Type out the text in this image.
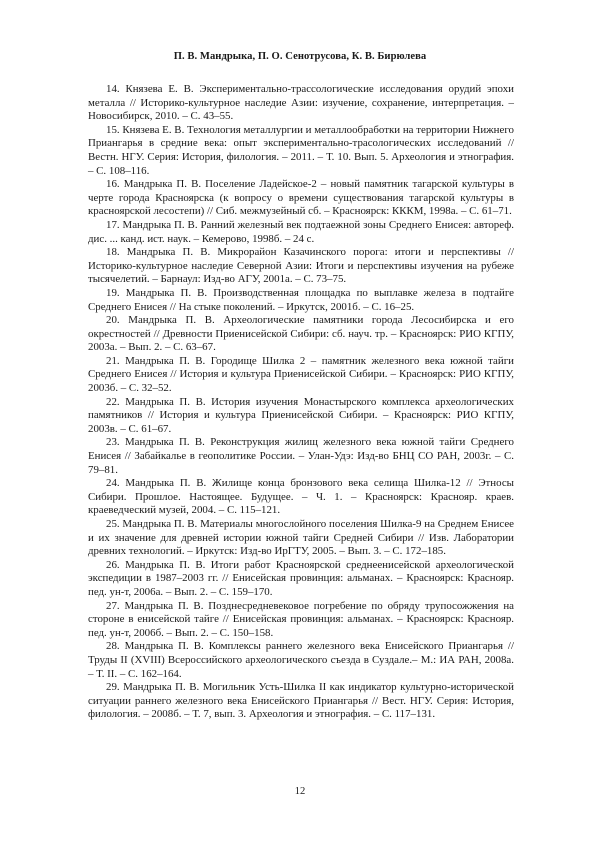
П. В. Мандрыка, П. О. Сенотрусова, К. В. Бирюлева

14. Князева Е. В. Экспериментально-трассологические исследования орудий эпохи металла // Историко-культурное наследие Азии: изучение, сохранение, интерпретация. – Новосибирск, 2010. – С. 43–55.

15. Князева Е. В. Технология металлургии и металлообработки на территории Нижнего Приангарья в средние века: опыт экспериментально-трасологических исследований // Вестн. НГУ. Серия: История, филология. – 2011. – Т. 10. Вып. 5. Археология и этнография. – С. 108–116.

16. Мандрыка П. В. Поселение Ладейское-2 – новый памятник тагарской культуры в черте города Красноярска (к вопросу о времени существования тагарской культуры в красноярской лесостепи) // Сиб. межмузейный сб. – Красноярск: КККМ, 1998а. – С. 61–71.

17. Мандрыка П. В. Ранний железный век подтаежной зоны Среднего Енисея: автореф. дис. ... канд. ист. наук. – Кемерово, 1998б. – 24 с.

18. Мандрыка П. В. Микрорайон Казачинского порога: итоги и перспективы // Историко-культурное наследие Северной Азии: Итоги и перспективы изучения на рубеже тысячелетий. – Барнаул: Изд-во АГУ, 2001а. – С. 73–75.

19. Мандрыка П. В. Производственная площадка по выплавке железа в подтайге Среднего Енисея // На стыке поколений. – Иркутск, 2001б. – С. 16–25.

20. Мандрыка П. В. Археологические памятники города Лесосибирска и его окрестностей // Древности Приенисейской Сибири: сб. науч. тр. – Красноярск: РИО КГПУ, 2003а. – Вып. 2. – С. 63–67.

21. Мандрыка П. В. Городище Шилка 2 – памятник железного века южной тайги Среднего Енисея // История и культура Приенисейской Сибири. – Красноярск: РИО КГПУ, 2003б. – С. 32–52.

22. Мандрыка П. В. История изучения Монастырского комплекса археологических памятников // История и культура Приенисейской Сибири. – Красноярск: РИО КГПУ, 2003в. – С. 61–67.

23. Мандрыка П. В. Реконструкция жилищ железного века южной тайги Среднего Енисея // Забайкалье в геополитике России. – Улан-Удэ: Изд-во БНЦ СО РАН, 2003г. – С. 79–81.

24. Мандрыка П. В. Жилище конца бронзового века селища Шилка-12 // Этносы Сибири. Прошлое. Настоящее. Будущее. – Ч. 1. – Красноярск: Краснояр. краев. краеведческий музей, 2004. – С. 115–121.

25. Мандрыка П. В. Материалы многослойного поселения Шилка-9 на Среднем Енисее и их значение для древней истории южной тайги Средней Сибири // Изв. Лаборатории древних технологий. – Иркутск: Изд-во ИрГТУ, 2005. – Вып. 3. – С. 172–185.

26. Мандрыка П. В. Итоги работ Красноярской среднеенисейской археологической экспедиции в 1987–2003 гг. // Енисейская провинция: альманах. – Красноярск: Краснояр. пед. ун-т, 2006а. – Вып. 2. – С. 159–170.

27. Мандрыка П. В. Позднесредневековое погребение по обряду трупосожжения на стороне в енисейской тайге // Енисейская провинция: альманах. – Красноярск: Краснояр. пед. ун-т, 2006б. – Вып. 2. – С. 150–158.

28. Мандрыка П. В. Комплексы раннего железного века Енисейского Приангарья // Труды II (XVIII) Всероссийского археологического съезда в Суздале.– М.: ИА РАН, 2008а. – Т. II. – С. 162–164.

29. Мандрыка П. В. Могильник Усть-Шилка II как индикатор культурно-исторической ситуации раннего железного века Енисейского Приангарья // Вест. НГУ. Серия: История, филология. – 2008б. – Т. 7, вып. 3. Археология и этнография. – С. 117–131.

12
